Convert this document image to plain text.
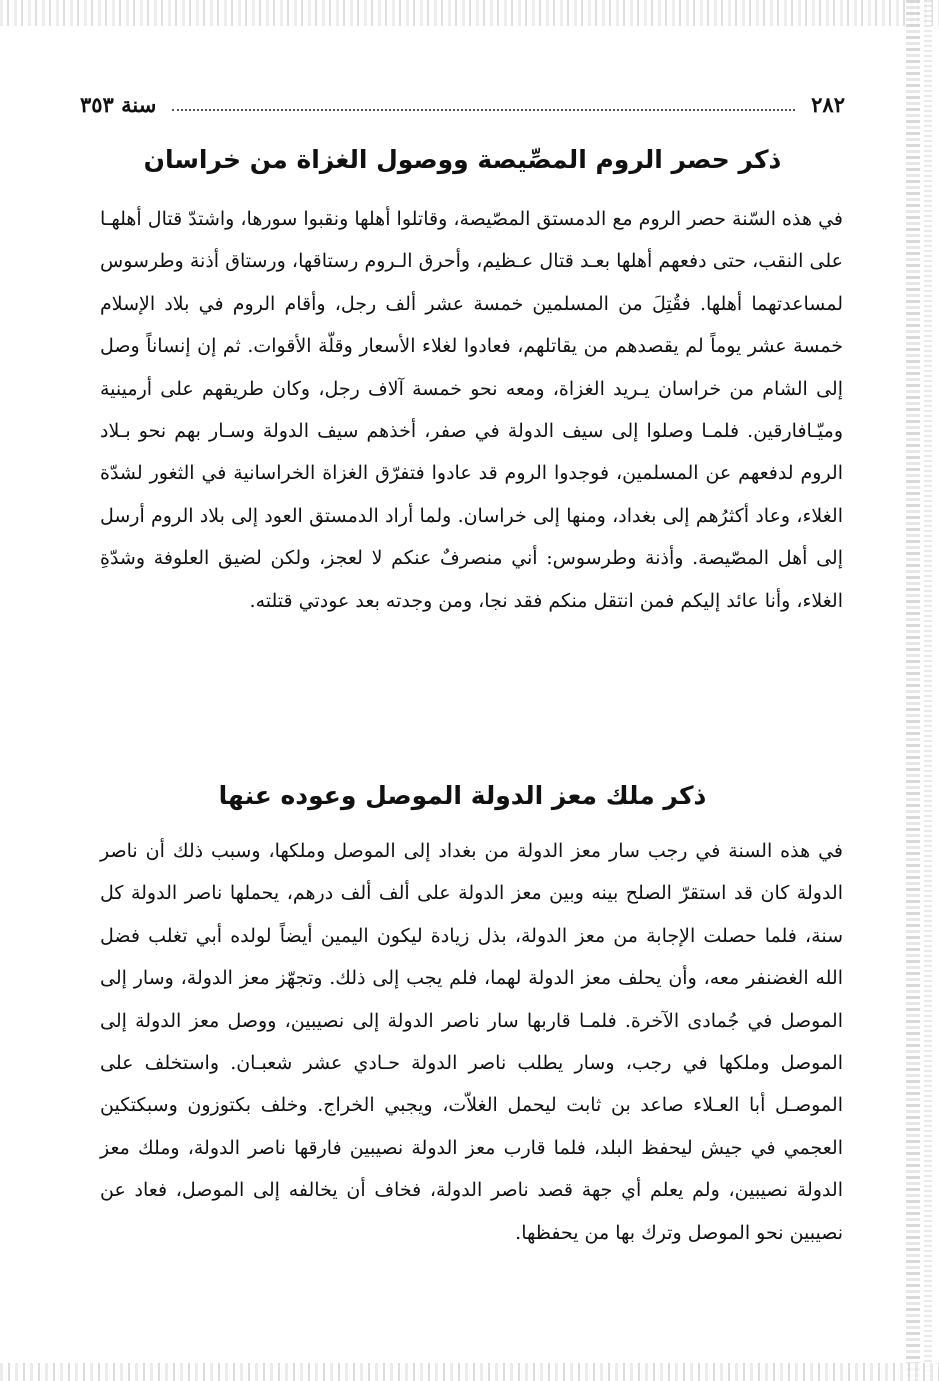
٢٨٢
سنة ٣٥٣
ذكر حصر الروم المصِّيصة ووصول الغزاة من خراسان

في هذه السّنة حصر الروم مع الدمستق المصّيصة، وقاتلوا أهلها ونقبوا سورها، واشتدّ قتال أهلهـا على النقب، حتى دفعهم أهلها بعـد قتال عـظيم، وأحرق الـروم رستاقها، ورستاق أذنة وطرسوس لمساعدتهما أهلها. فقُتِلَ من المسلمين خمسة عشر ألف رجل، وأقام الروم في بلاد الإسلام خمسة عشر يوماً لم يقصدهم من يقاتلهم، فعادوا لغلاء الأسعار وقلّة الأقوات. ثم إن إنساناً وصل إلى الشام من خراسان يـريد الغزاة، ومعه نحو خمسة آلاف رجل، وكان طريقهم على أرمينية وميّـافارقين. فلمـا وصلوا إلى سيف الدولة في صفر، أخذهم سيف الدولة وسـار بهم نحو بـلاد الروم لدفعهم عن المسلمين، فوجدوا الروم قد عادوا فتفرّق الغزاة الخراسانية في الثغور لشدّة الغلاء، وعاد أكثرُهم إلى بغداد، ومنها إلى خراسان. ولما أراد الدمستق العود إلى بلاد الروم أرسل إلى أهل المصّيصة. وأذنة وطرسوس: أني منصرفٌ عنكم لا لعجز، ولكن لضيق العلوفة وشدّةِ الغلاء، وأنا عائد إليكم فمن انتقل منكم فقد نجا، ومن وجدته بعد عودتي قتلته.

ذكر ملك معز الدولة الموصل وعوده عنها

في هذه السنة في رجب سار معز الدولة من بغداد إلى الموصل وملكها، وسبب ذلك أن ناصر الدولة كان قد استقرّ الصلح بينه وبين معز الدولة على ألف ألف درهم، يحملها ناصر الدولة كل سنة، فلما حصلت الإجابة من معز الدولة، بذل زيادة ليكون اليمين أيضاً لولده أبي تغلب فضل الله الغضنفر معه، وأن يحلف معز الدولة لهما، فلم يجب إلى ذلك. وتجهّز معز الدولة، وسار إلى الموصل في جُمادى الآخرة. فلمـا قاربها سار ناصر الدولة إلى نصيبين، ووصل معز الدولة إلى الموصل وملكها في رجب، وسار يطلب ناصر الدولة حـادي عشر شعبـان. واستخلف على الموصـل أبا العـلاء صاعد بن ثابت ليحمل الغلاّت، ويجبي الخراج. وخلف بكتوزون وسبكتكين العجمي في جيش ليحفظ البلد، فلما قارب معز الدولة نصيبين فارقها ناصر الدولة، وملك معز الدولة نصيبين، ولم يعلم أي جهة قصد ناصر الدولة، فخاف أن يخالفه إلى الموصل، فعاد عن نصيبين نحو الموصل وترك بها من يحفظها.
